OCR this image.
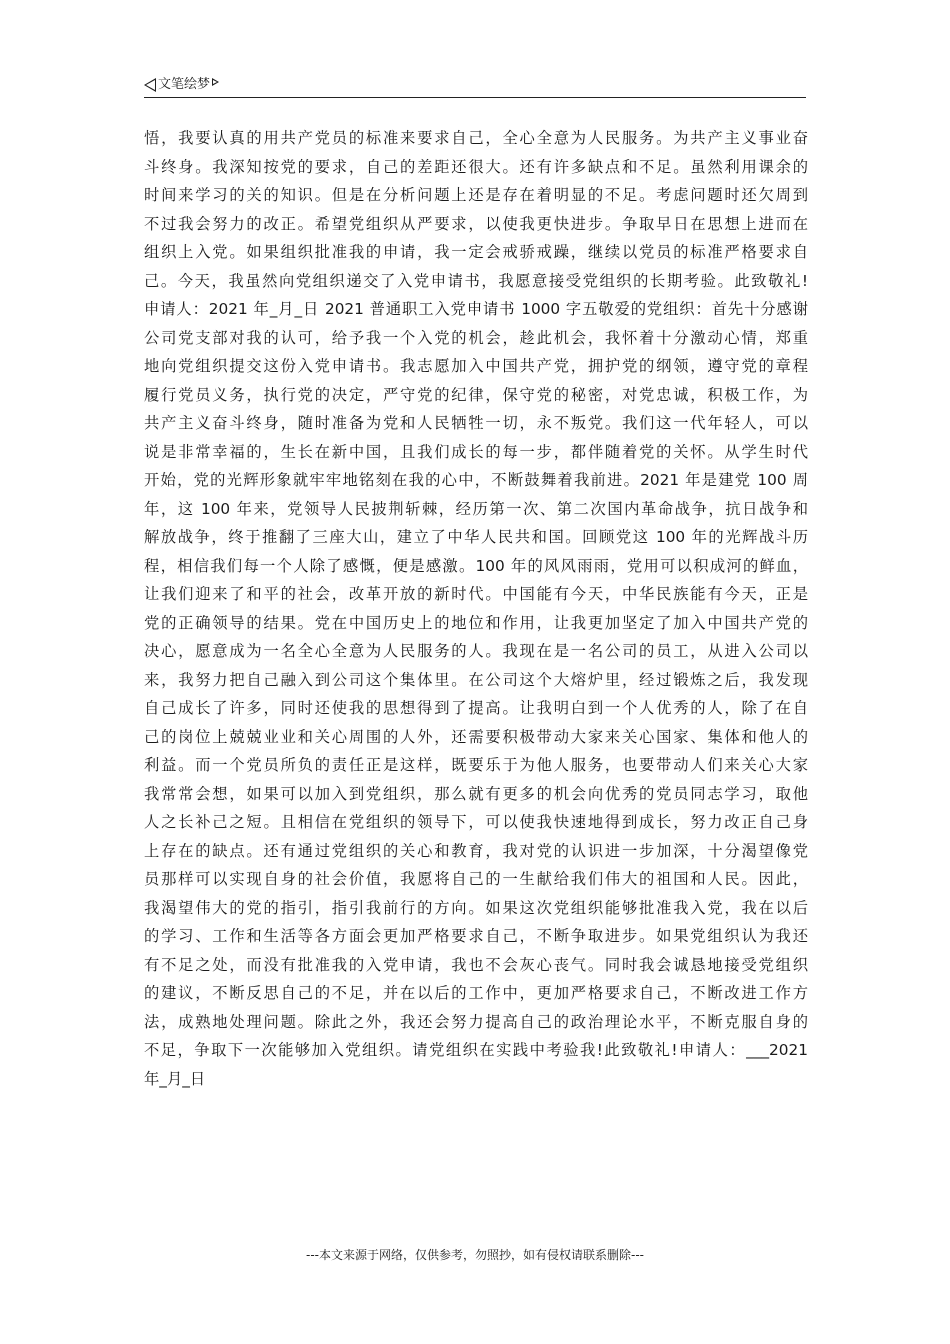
文笔绘梦
悟，我要认真的用共产党员的标准来要求自己，全心全意为人民服务。为共产主义事业奋
斗终身。我深知按党的要求，自己的差距还很大。还有许多缺点和不足。虽然利用课余的
时间来学习的关的知识。但是在分析问题上还是存在着明显的不足。考虑问题时还欠周到
不过我会努力的改正。希望党组织从严要求，以使我更快进步。争取早日在思想上进而在
组织上入党。如果组织批准我的申请，我一定会戒骄戒躁，继续以党员的标准严格要求自
己。今天，我虽然向党组织递交了入党申请书，我愿意接受党组织的长期考验。此致敬礼!
申请人：2021 年_月_日 2021 普通职工入党申请书 1000 字五敬爱的党组织：首先十分感谢
公司党支部对我的认可，给予我一个入党的机会，趁此机会，我怀着十分激动心情，郑重
地向党组织提交这份入党申请书。我志愿加入中国共产党，拥护党的纲领，遵守党的章程
履行党员义务，执行党的决定，严守党的纪律，保守党的秘密，对党忠诚，积极工作，为
共产主义奋斗终身，随时准备为党和人民牺牲一切，永不叛党。我们这一代年轻人，可以
说是非常幸福的，生长在新中国，且我们成长的每一步，都伴随着党的关怀。从学生时代
开始，党的光辉形象就牢牢地铭刻在我的心中，不断鼓舞着我前进。2021 年是建党 100 周
年，这 100 年来，党领导人民披荆斩棘，经历第一次、第二次国内革命战争，抗日战争和
解放战争，终于推翻了三座大山，建立了中华人民共和国。回顾党这 100 年的光辉战斗历
程，相信我们每一个人除了感慨，便是感激。100 年的风风雨雨，党用可以积成河的鲜血，
让我们迎来了和平的社会，改革开放的新时代。中国能有今天，中华民族能有今天，正是
党的正确领导的结果。党在中国历史上的地位和作用，让我更加坚定了加入中国共产党的
决心，愿意成为一名全心全意为人民服务的人。我现在是一名公司的员工，从进入公司以
来，我努力把自己融入到公司这个集体里。在公司这个大熔炉里，经过锻炼之后，我发现
自己成长了许多，同时还使我的思想得到了提高。让我明白到一个人优秀的人，除了在自
己的岗位上兢兢业业和关心周围的人外，还需要积极带动大家来关心国家、集体和他人的
利益。而一个党员所负的责任正是这样，既要乐于为他人服务，也要带动人们来关心大家
我常常会想，如果可以加入到党组织，那么就有更多的机会向优秀的党员同志学习，取他
人之长补己之短。且相信在党组织的领导下，可以使我快速地得到成长，努力改正自己身
上存在的缺点。还有通过党组织的关心和教育，我对党的认识进一步加深，十分渴望像党
员那样可以实现自身的社会价值，我愿将自己的一生献给我们伟大的祖国和人民。因此，
我渴望伟大的党的指引，指引我前行的方向。如果这次党组织能够批准我入党，我在以后
的学习、工作和生活等各方面会更加严格要求自己，不断争取进步。如果党组织认为我还
有不足之处，而没有批准我的入党申请，我也不会灰心丧气。同时我会诚恳地接受党组织
的建议，不断反思自己的不足，并在以后的工作中，更加严格要求自己，不断改进工作方
法，成熟地处理问题。除此之外，我还会努力提高自己的政治理论水平，不断克服自身的
不足，争取下一次能够加入党组织。请党组织在实践中考验我!此致敬礼!申请人：___2021
年_月_日
---本文来源于网络，仅供参考，勿照抄，如有侵权请联系删除---
